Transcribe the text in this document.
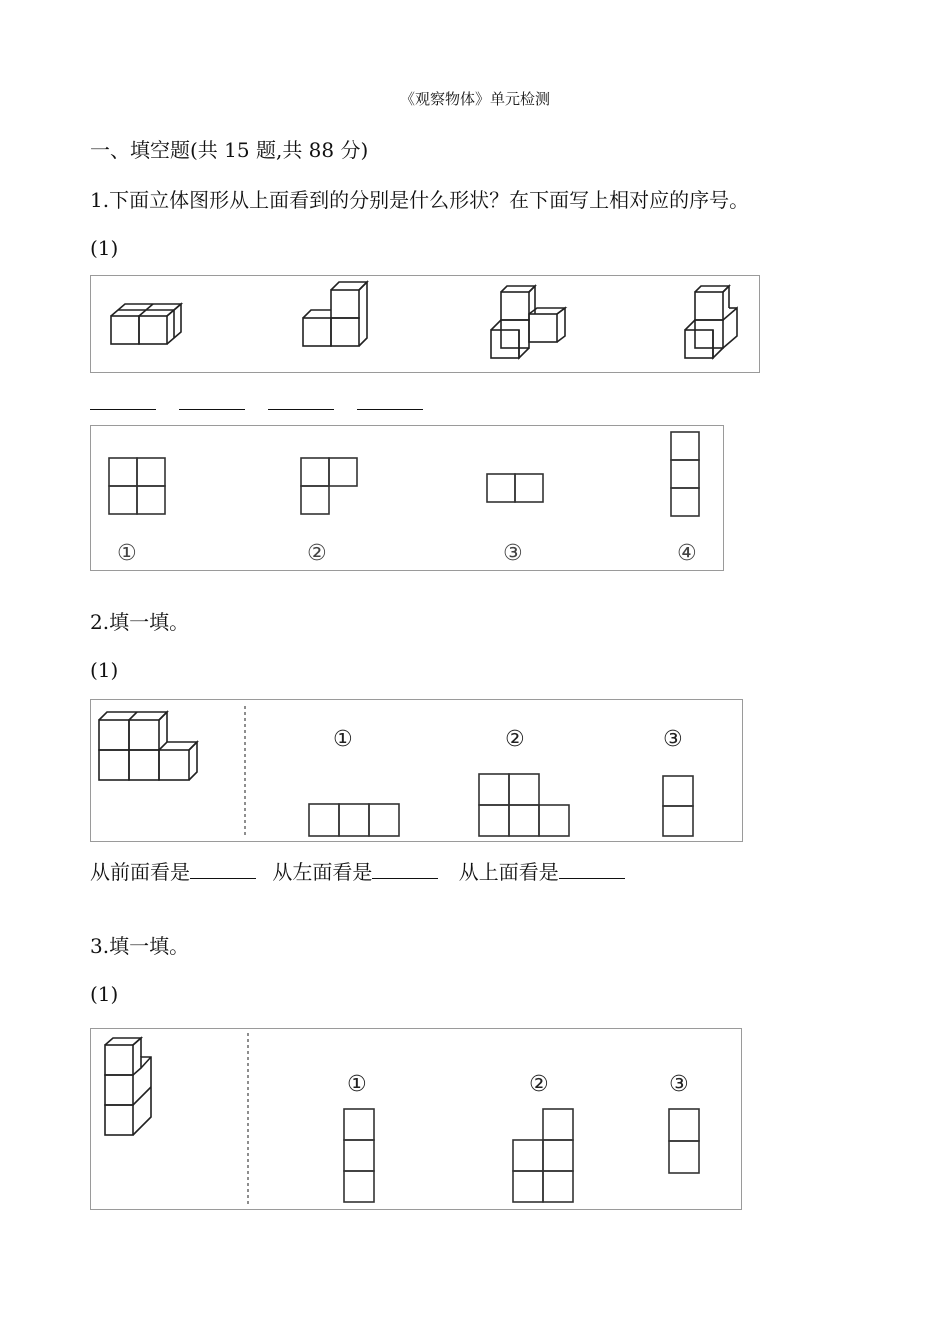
《观察物体》单元检测
一、填空题(共 15 题,共 88 分)
1.下面立体图形从上面看到的分别是什么形状？在下面写上相对应的序号。
(1)
①	②	③	④
2.填一填。
(1)
①	②	③
从前面看是	从左面看是	从上面看是
3.填一填。
(1)
①	②	③
